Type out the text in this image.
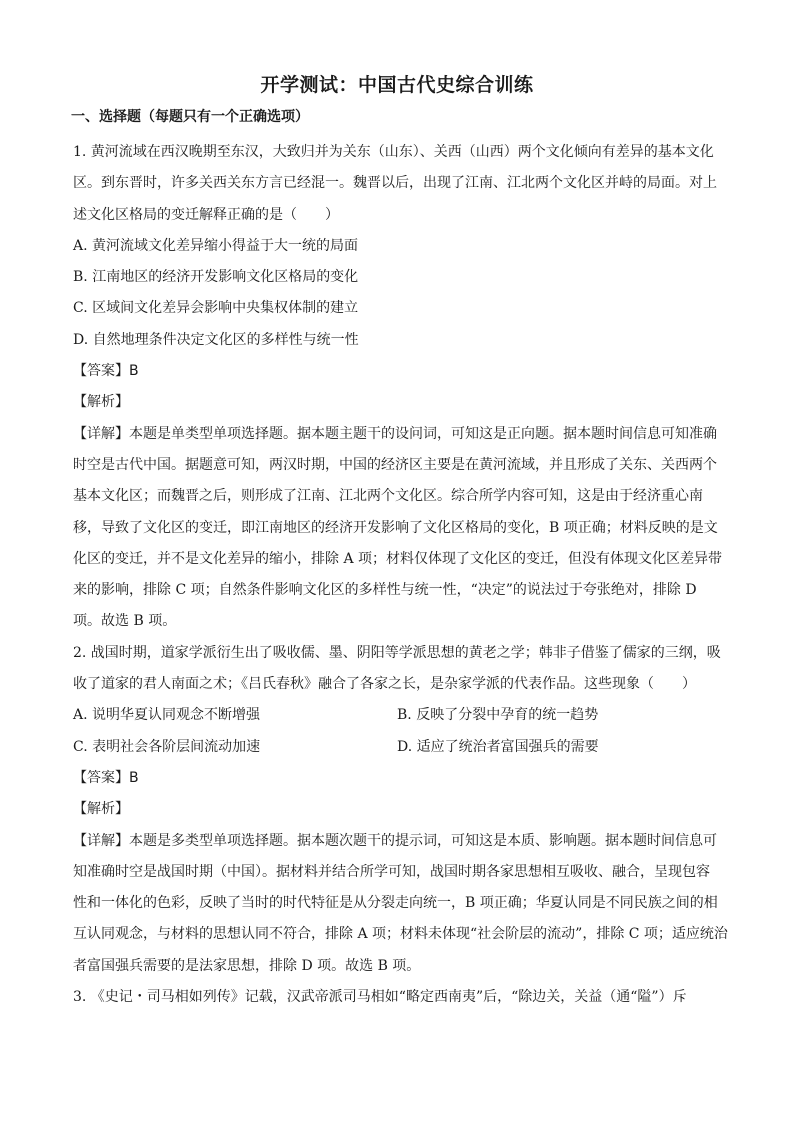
开学测试：中国古代史综合训练
一、选择题（每题只有一个正确选项）

1. 黄河流域在西汉晚期至东汉，大致归并为关东（山东）、关西（山西）两个文化倾向有差异的基本文化

区。到东晋时，许多关西关东方言已经混一。魏晋以后，出现了江南、江北两个文化区并峙的局面。对上

述文化区格局的变迁解释正确的是（　　）

A. 黄河流域文化差异缩小得益于大一统的局面

B. 江南地区的经济开发影响文化区格局的变化

C. 区域间文化差异会影响中央集权体制的建立

D. 自然地理条件决定文化区的多样性与统一性

【答案】B

【解析】

【详解】本题是单类型单项选择题。据本题主题干的设问词，可知这是正向题。据本题时间信息可知准确

时空是古代中国。据题意可知，两汉时期，中国的经济区主要是在黄河流域，并且形成了关东、关西两个

基本文化区；而魏晋之后，则形成了江南、江北两个文化区。综合所学内容可知，这是由于经济重心南

移，导致了文化区的变迁，即江南地区的经济开发影响了文化区格局的变化，B 项正确；材料反映的是文

化区的变迁，并不是文化差异的缩小，排除 A 项；材料仅体现了文化区的变迁，但没有体现文化区差异带

来的影响，排除 C 项；自然条件影响文化区的多样性与统一性，“决定”的说法过于夸张绝对，排除 D

项。故选 B 项。

2. 战国时期，道家学派衍生出了吸收儒、墨、阴阳等学派思想的黄老之学；韩非子借鉴了儒家的三纲，吸

收了道家的君人南面之术；《吕氏春秋》融合了各家之长，是杂家学派的代表作品。这些现象（　　）

A. 说明华夏认同观念不断增强	B. 反映了分裂中孕育的统一趋势
C. 表明社会各阶层间流动加速	D. 适应了统治者富国强兵的需要

【答案】B

【解析】

【详解】本题是多类型单项选择题。据本题次题干的提示词，可知这是本质、影响题。据本题时间信息可

知准确时空是战国时期（中国）。据材料并结合所学可知，战国时期各家思想相互吸收、融合，呈现包容

性和一体化的色彩，反映了当时的时代特征是从分裂走向统一，B 项正确；华夏认同是不同民族之间的相

互认同观念，与材料的思想认同不符合，排除 A 项；材料未体现“社会阶层的流动”，排除 C 项；适应统治

者富国强兵需要的是法家思想，排除 D 项。故选 B 项。

3. 《史记・司马相如列传》记载，汉武帝派司马相如“略定西南夷”后，“除边关，关益（通“隘”）斥
